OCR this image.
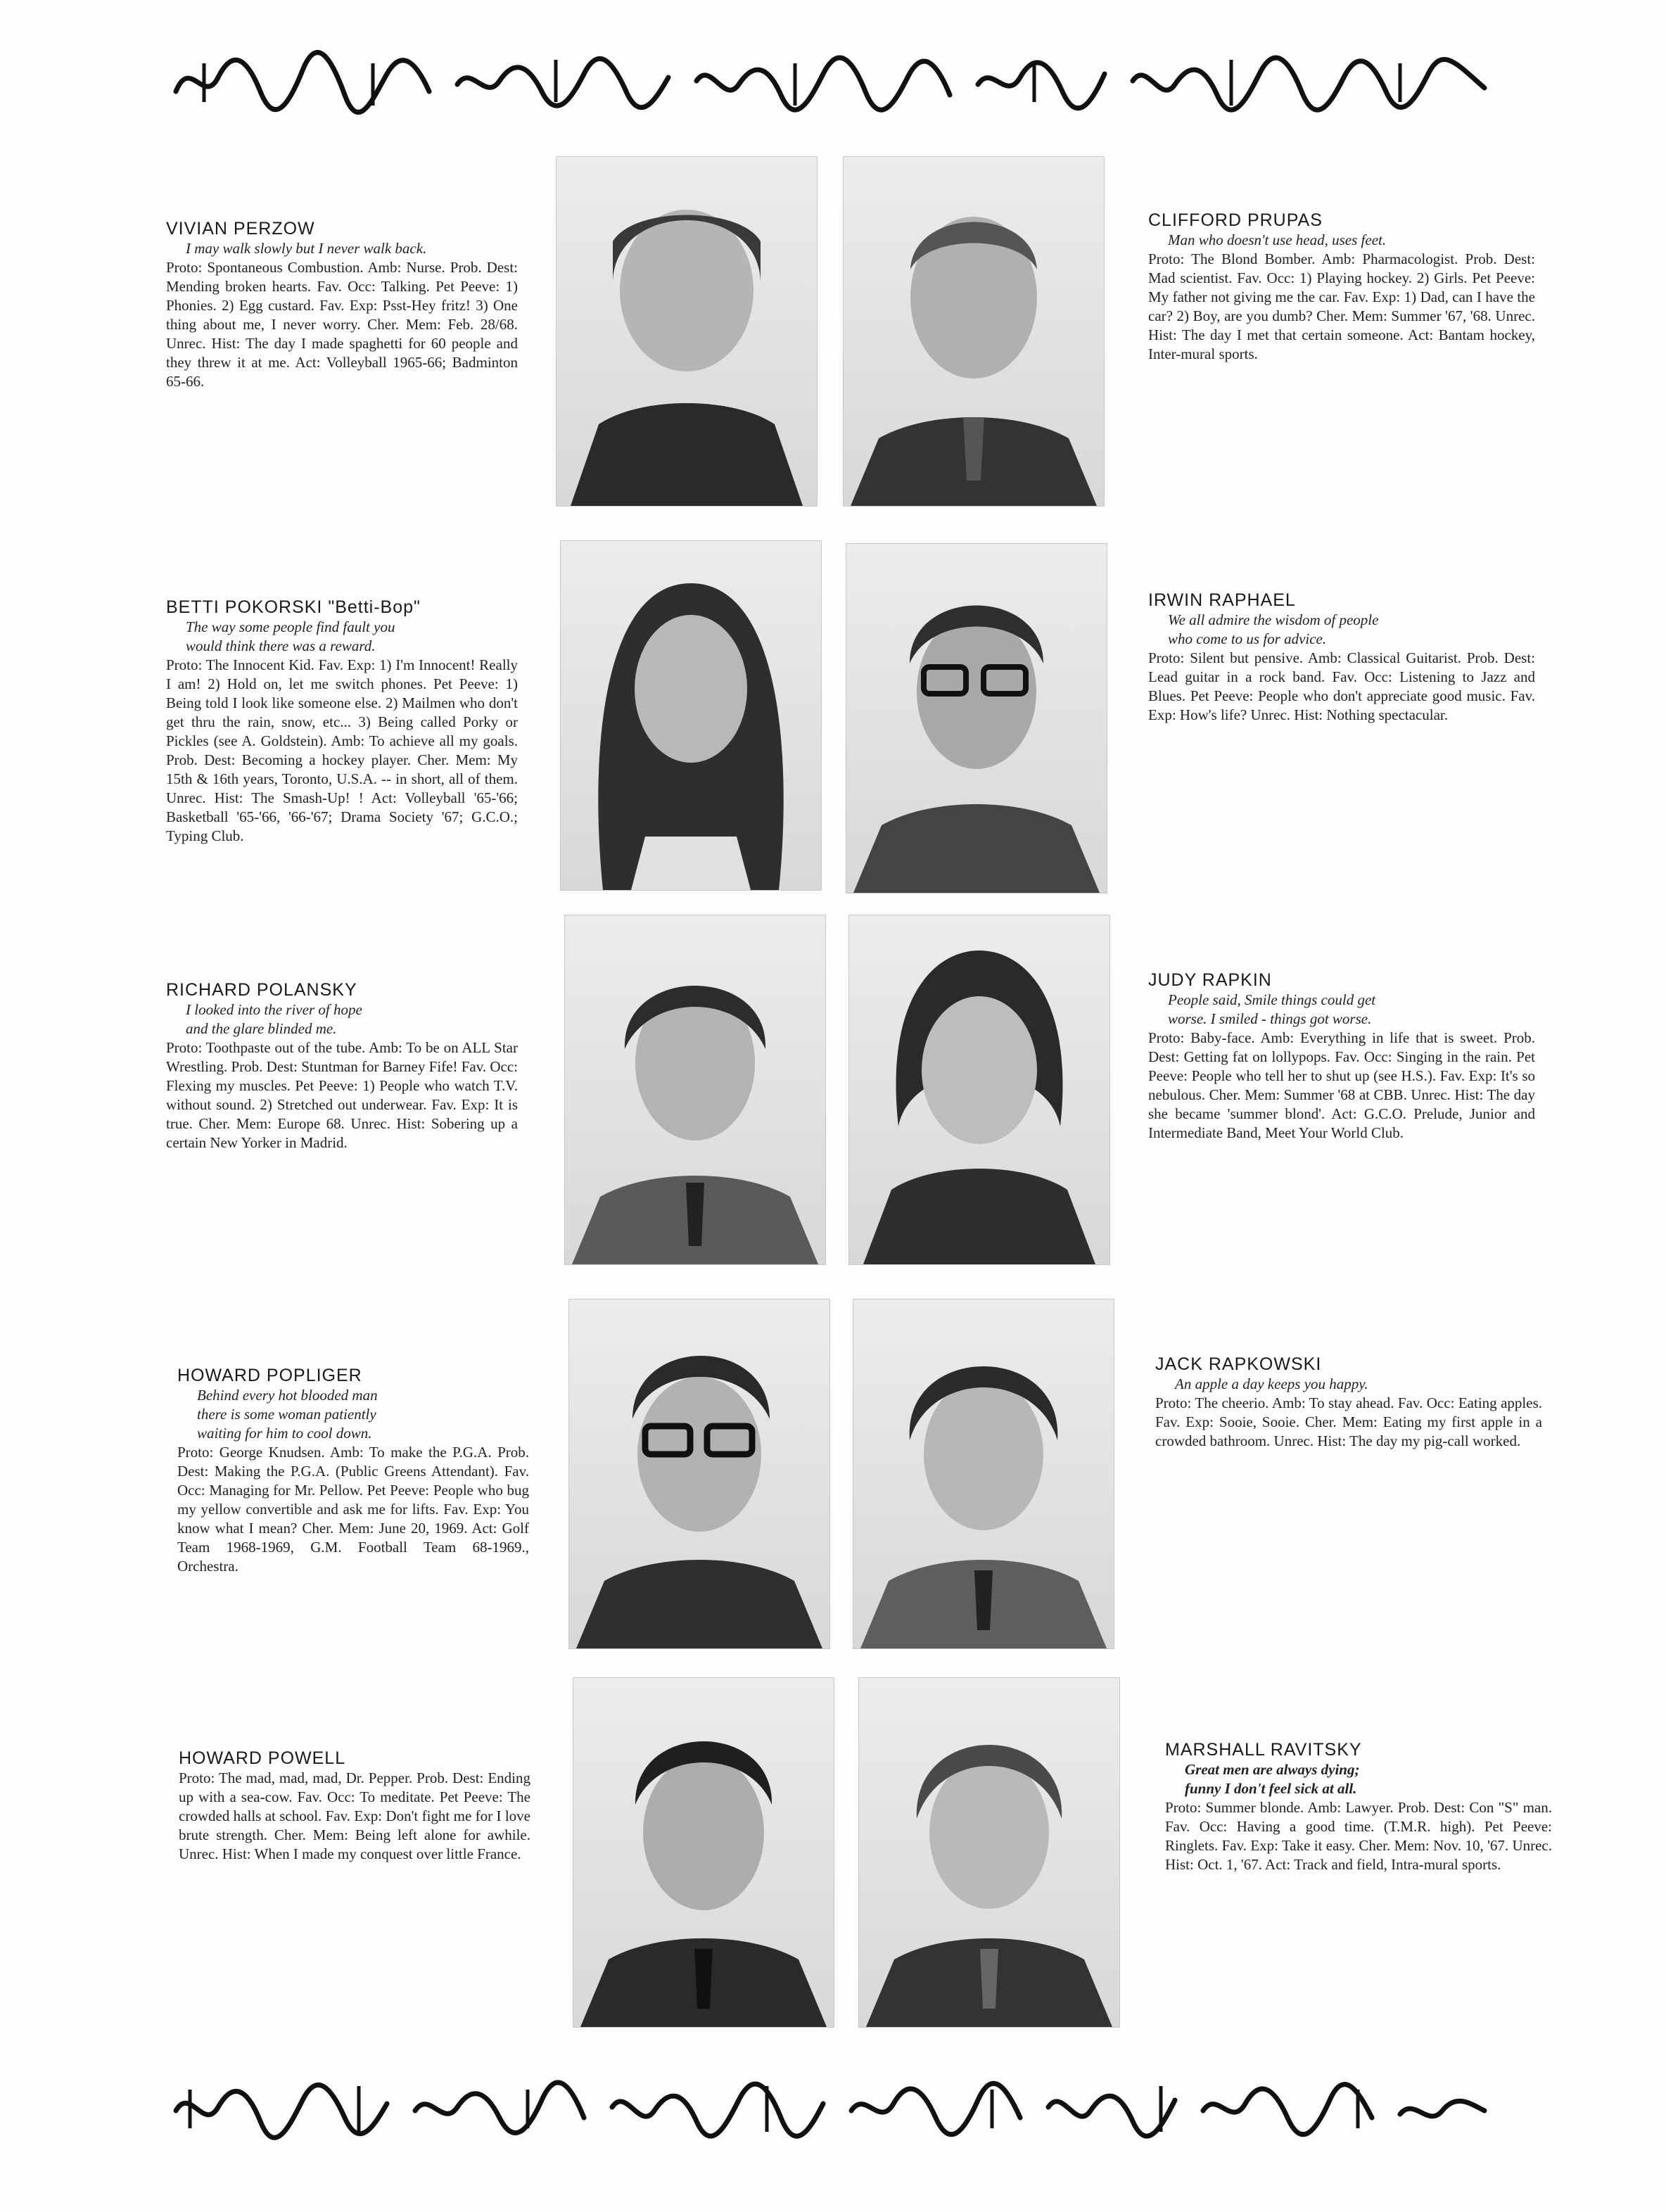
VIVIAN PERZOW
I may walk slowly but I never walk back.

Proto: Spontaneous Combustion. Amb: Nurse. Prob. Dest: Mending broken hearts. Fav. Occ: Talking. Pet Peeve: 1) Phonies. 2) Egg custard. Fav. Exp: Psst-Hey fritz! 3) One thing about me, I never worry. Cher. Mem: Feb. 28/68. Unrec. Hist: The day I made spaghetti for 60 people and they threw it at me. Act: Volleyball 1965-66; Badminton 65-66.

CLIFFORD PRUPAS
Man who doesn't use head, uses feet.

Proto: The Blond Bomber. Amb: Pharmacologist. Prob. Dest: Mad scientist. Fav. Occ: 1) Playing hockey. 2) Girls. Pet Peeve: My father not giving me the car. Fav. Exp: 1) Dad, can I have the car? 2) Boy, are you dumb? Cher. Mem: Summer '67, '68. Unrec. Hist: The day I met that certain someone. Act: Bantam hockey, Inter-mural sports.

BETTI POKORSKI "Betti-Bop"
The way some people find fault you
would think there was a reward.

Proto: The Innocent Kid. Fav. Exp: 1) I'm Innocent! Really I am! 2) Hold on, let me switch phones. Pet Peeve: 1) Being told I look like someone else. 2) Mailmen who don't get thru the rain, snow, etc... 3) Being called Porky or Pickles (see A. Goldstein). Amb: To achieve all my goals. Prob. Dest: Becoming a hockey player. Cher. Mem: My 15th & 16th years, Toronto, U.S.A. -- in short, all of them. Unrec. Hist: The Smash-Up! ! Act: Volleyball '65-'66; Basketball '65-'66, '66-'67; Drama Society '67; G.C.O.; Typing Club.

IRWIN RAPHAEL
We all admire the wisdom of people
who come to us for advice.

Proto: Silent but pensive. Amb: Classical Guitarist. Prob. Dest: Lead guitar in a rock band. Fav. Occ: Listening to Jazz and Blues. Pet Peeve: People who don't appreciate good music. Fav. Exp: How's life? Unrec. Hist: Nothing spectacular.

RICHARD POLANSKY
I looked into the river of hope
and the glare blinded me.

Proto: Toothpaste out of the tube. Amb: To be on ALL Star Wrestling. Prob. Dest: Stuntman for Barney Fife! Fav. Occ: Flexing my muscles. Pet Peeve: 1) People who watch T.V. without sound. 2) Stretched out underwear. Fav. Exp: It is true. Cher. Mem: Europe 68. Unrec. Hist: Sobering up a certain New Yorker in Madrid.

JUDY RAPKIN
People said, Smile things could get
worse. I smiled - things got worse.

Proto: Baby-face. Amb: Everything in life that is sweet. Prob. Dest: Getting fat on lollypops. Fav. Occ: Singing in the rain. Pet Peeve: People who tell her to shut up (see H.S.). Fav. Exp: It's so nebulous. Cher. Mem: Summer '68 at CBB. Unrec. Hist: The day she became 'summer blond'. Act: G.C.O. Prelude, Junior and Intermediate Band, Meet Your World Club.

HOWARD POPLIGER
Behind every hot blooded man
there is some woman patiently
waiting for him to cool down.

Proto: George Knudsen. Amb: To make the P.G.A. Prob. Dest: Making the P.G.A. (Public Greens Attendant). Fav. Occ: Managing for Mr. Pellow. Pet Peeve: People who bug my yellow convertible and ask me for lifts. Fav. Exp: You know what I mean? Cher. Mem: June 20, 1969. Act: Golf Team 1968-1969, G.M. Football Team 68-1969., Orchestra.

JACK RAPKOWSKI
An apple a day keeps you happy.

Proto: The cheerio. Amb: To stay ahead. Fav. Occ: Eating apples. Fav. Exp: Sooie, Sooie. Cher. Mem: Eating my first apple in a crowded bathroom. Unrec. Hist: The day my pig-call worked.

HOWARD POWELL

Proto: The mad, mad, mad, Dr. Pepper. Prob. Dest: Ending up with a sea-cow. Fav. Occ: To meditate. Pet Peeve: The crowded halls at school. Fav. Exp: Don't fight me for I love brute strength. Cher. Mem: Being left alone for awhile. Unrec. Hist: When I made my conquest over little France.

MARSHALL RAVITSKY
Great men are always dying;
funny I don't feel sick at all.

Proto: Summer blonde. Amb: Lawyer. Prob. Dest: Con "S" man. Fav. Occ: Having a good time. (T.M.R. high). Pet Peeve: Ringlets. Fav. Exp: Take it easy. Cher. Mem: Nov. 10, '67. Unrec. Hist: Oct. 1, '67. Act: Track and field, Intra-mural sports.
